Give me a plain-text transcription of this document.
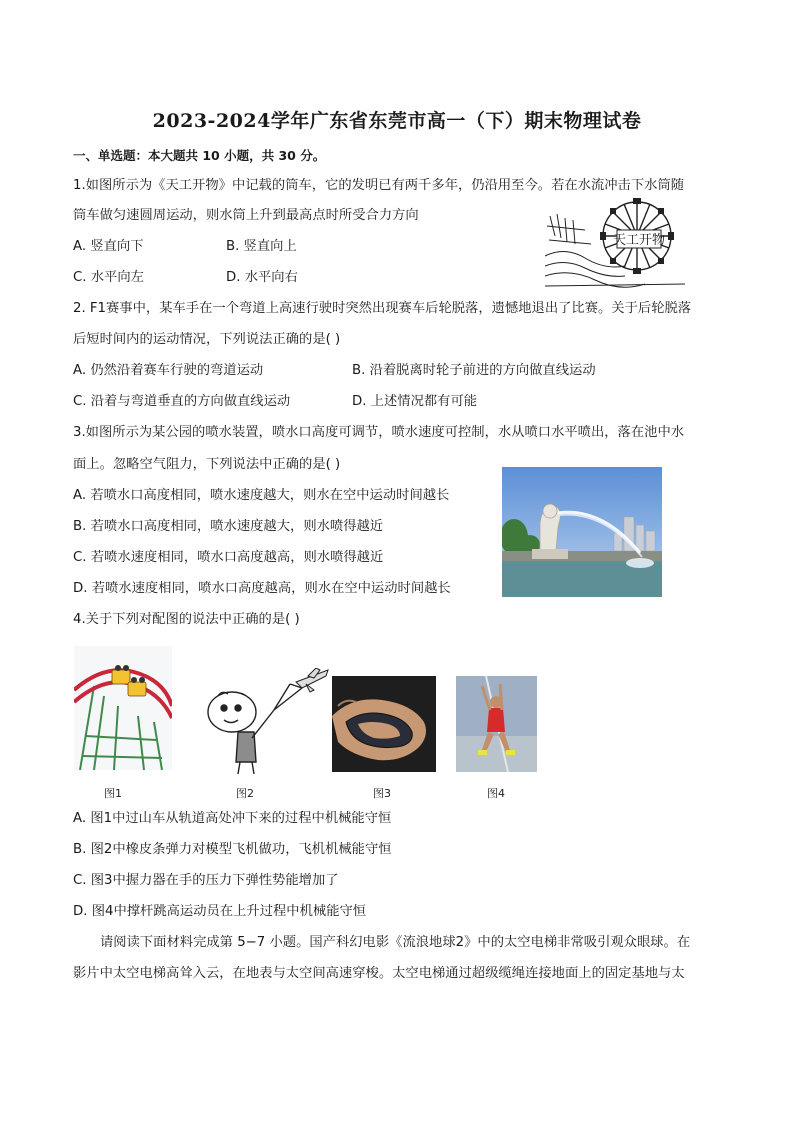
2023-2024学年广东省东莞市高一（下）期末物理试卷
一、单选题：本大题共 10 小题，共 30 分。
1.如图所示为《天工开物》中记载的筒车，它的发明已有两千多年，仍沿用至今。若在水流冲击下水筒随
筒车做匀速圆周运动，则水筒上升到最高点时所受合力方向
A. 竖直向下	B. 竖直向上
C. 水平向左	D. 水平向右
天工开物
2. F1赛事中，某车手在一个弯道上高速行驶时突然出现赛车后轮脱落，遗憾地退出了比赛。关于后轮脱落
后短时间内的运动情况，下列说法正确的是( )
A. 仍然沿着赛车行驶的弯道运动	B. 沿着脱离时轮子前进的方向做直线运动
C. 沿着与弯道垂直的方向做直线运动	D. 上述情况都有可能
3.如图所示为某公园的喷水装置，喷水口高度可调节，喷水速度可控制，水从喷口水平喷出，落在池中水
面上。忽略空气阻力，下列说法中正确的是( )
A. 若喷水口高度相同，喷水速度越大，则水在空中运动时间越长
B. 若喷水口高度相同，喷水速度越大，则水喷得越近
C. 若喷水速度相同，喷水口高度越高，则水喷得越近
D. 若喷水速度相同，喷水口高度越高，则水在空中运动时间越长
4.关于下列对配图的说法中正确的是( )
图1	图2	图3	图4
A. 图1中过山车从轨道高处冲下来的过程中机械能守恒
B. 图2中橡皮条弹力对模型飞机做功，飞机机械能守恒
C. 图3中握力器在手的压力下弹性势能增加了
D. 图4中撑杆跳高运动员在上升过程中机械能守恒
请阅读下面材料完成第 5−7 小题。国产科幻电影《流浪地球2》中的太空电梯非常吸引观众眼球。在
影片中太空电梯高耸入云，在地表与太空间高速穿梭。太空电梯通过超级缆绳连接地面上的固定基地与太
